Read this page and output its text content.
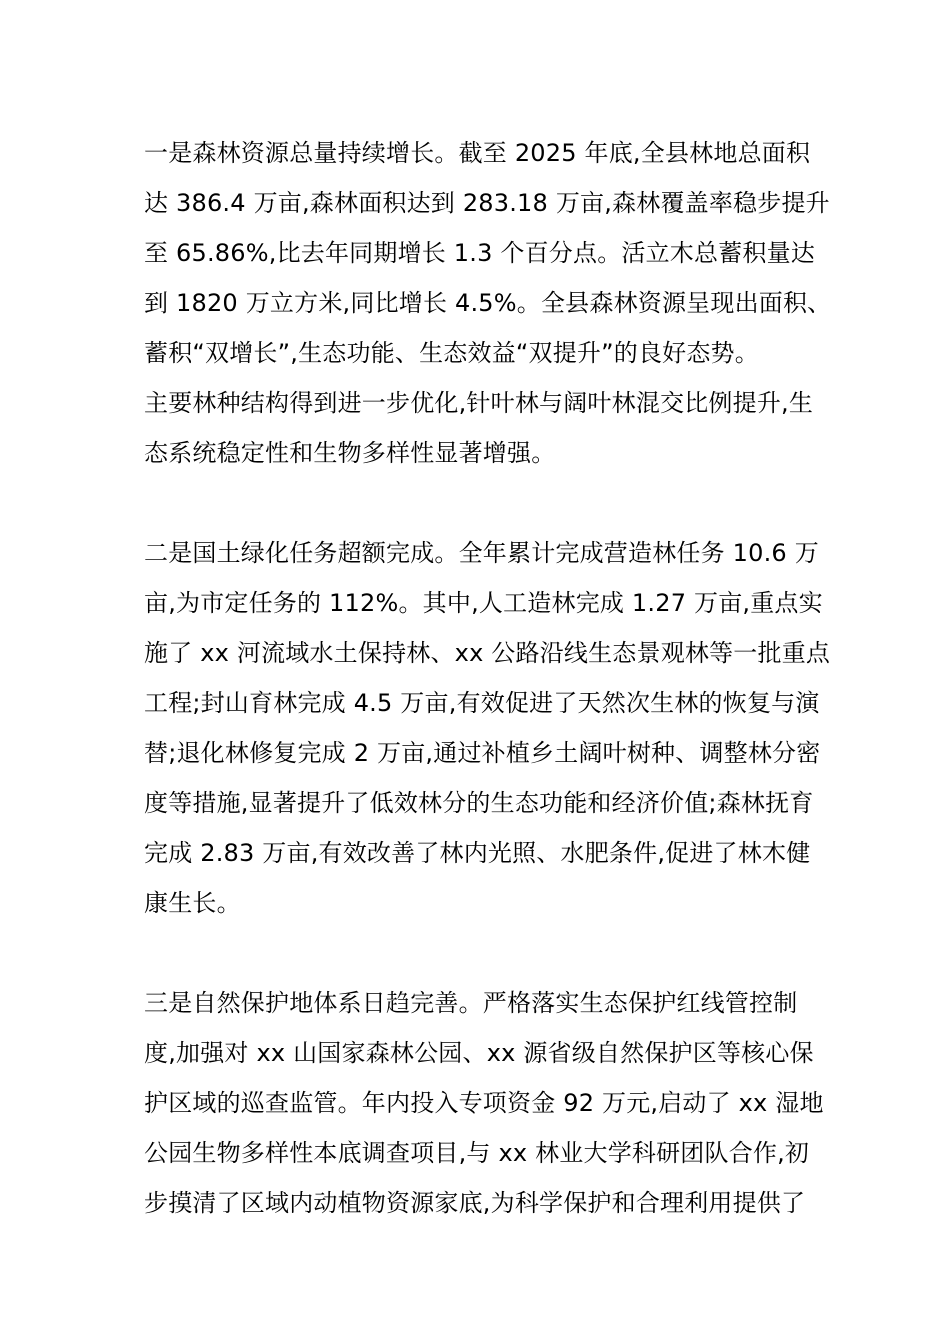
一是森林资源总量持续增长。截至 2025 年底,全县林地总面积
达 386.4 万亩,森林面积达到 283.18 万亩,森林覆盖率稳步提升
至 65.86%,比去年同期增长 1.3 个百分点。活立木总蓄积量达
到 1820 万立方米,同比增长 4.5%。全县森林资源呈现出面积、
蓄积“双增长”,生态功能、生态效益“双提升”的良好态势。
主要林种结构得到进一步优化,针叶林与阔叶林混交比例提升,生
态系统稳定性和生物多样性显著增强。

二是国土绿化任务超额完成。全年累计完成营造林任务 10.6 万
亩,为市定任务的 112%。其中,人工造林完成 1.27 万亩,重点实
施了 xx 河流域水土保持林、xx 公路沿线生态景观林等一批重点
工程;封山育林完成 4.5 万亩,有效促进了天然次生林的恢复与演
替;退化林修复完成 2 万亩,通过补植乡土阔叶树种、调整林分密
度等措施,显著提升了低效林分的生态功能和经济价值;森林抚育
完成 2.83 万亩,有效改善了林内光照、水肥条件,促进了林木健
康生长。

三是自然保护地体系日趋完善。严格落实生态保护红线管控制
度,加强对 xx 山国家森林公园、xx 源省级自然保护区等核心保
护区域的巡查监管。年内投入专项资金 92 万元,启动了 xx 湿地
公园生物多样性本底调查项目,与 xx 林业大学科研团队合作,初
步摸清了区域内动植物资源家底,为科学保护和合理利用提供了
